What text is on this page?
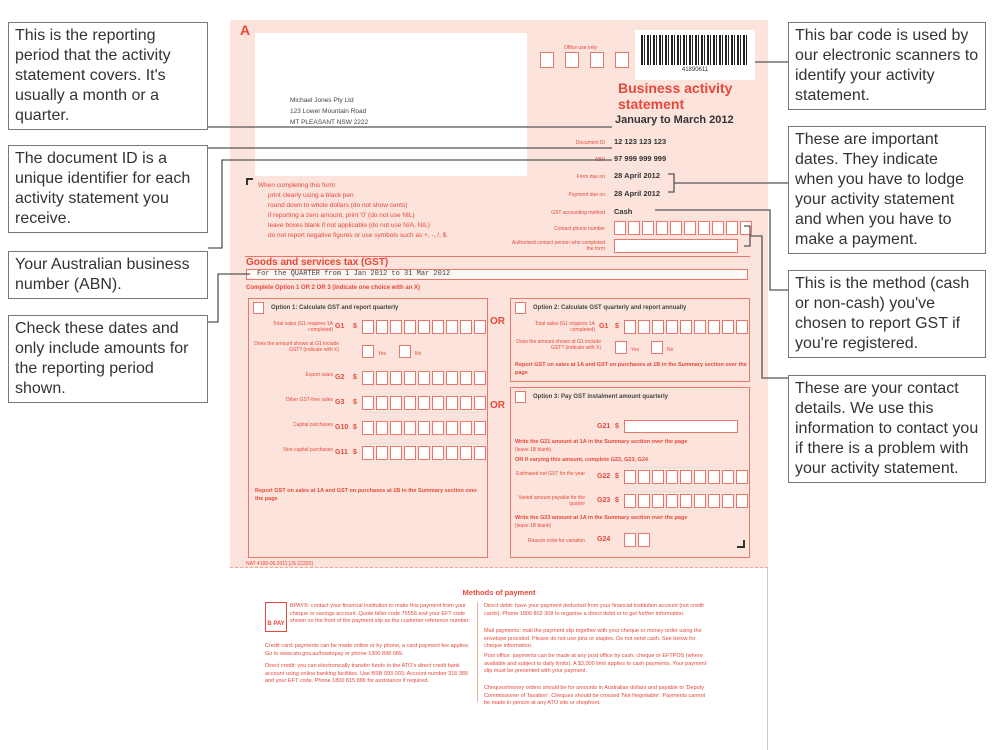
A
Michael Jones Pty Ltd
123 Lower Mountain Road
MT PLEASANT NSW 2222
Office use only
41890611
Business activity statement
January to March 2012
Document ID 12 123 123 123
ABN 97 999 999 999
Form due on 28 April 2012
Payment due on 28 April 2012
GST accounting method Cash
Contact phone number
Authorised contact person who completed the form
When completing this form:
print clearly using a black pen
round down to whole dollars (do not show cents)
if reporting a zero amount, print '0' (do not use NIL)
leave boxes blank if not applicable (do not use N/A, NIL)
do not report negative figures or use symbols such as +, -, /, $.
Goods and services tax (GST)
For the QUARTER from 1 Jan 2012 to 31 Mar 2012
Complete Option 1 OR 2 OR 3 (indicate one choice with an X)
Option 1: Calculate GST and report quarterly
Total sales (G1 requires 1A completed) G1 $
Export sales G2 $
Other GST-free sales G3 $
Capital purchases G10 $
Non-capital purchases G11 $
Does the amount shown at G1 include GST? (indicate with X)
Yes	No
Report GST on sales at 1A and GST on purchases at 1B in the Summary section over the page
OR
OR
Option 2: Calculate GST quarterly and report annually
Total sales (G1 requires 1A completed) G1 $
Does the amount shown at G1 include GST? (indicate with X)	Yes	No
Report GST on sales at 1A and GST on purchases at 1B in the Summary section over the page
Option 3: Pay GST instalment amount quarterly
G21 $
Write the G21 amount at 1A in the Summary section over the page
(leave 1B blank)
OR if varying this amount, complete G22, G23, G24
Estimated net GST for the year G22 $
Varied amount payable for the quarter G23 $
Write the G23 amount at 1A in the Summary section over the page
(leave 1B blank)
Reason code for variation G24
NAT 4189-06.2011 [JS 22333]
Methods of payment
B PAY
BPAY®: contact your financial institution to make this payment from your cheque or savings account. Quote biller code 75556 and your EFT code shown on the front of the payment slip as the customer reference number.
Credit card: payments can be made online or by phone, a card payment fee applies. Go to www.ato.gov.au/howtopay or phone 1300 898 089.
Direct credit: you can electronically transfer funds to the ATO's direct credit bank account using online banking facilities. Use BSB 093 003, Account number 316 385 and your EFT code. Phone 1800 815 886 for assistance if required.
Direct debit: have your payment deducted from your financial institution account (not credit cards). Phone 1800 802 308 to organise a direct debit or to get further information.
Mail payments: mail the payment slip together with your cheque or money order using the envelope provided. Please do not use pins or staples. Do not send cash. See below for cheque information.
Post office: payments can be made at any post office by cash, cheque or EFTPOS (where available and subject to daily limits). A $3,000 limit applies to cash payments. Your payment slip must be presented with your payment.
Cheques/money orders should be for amounts in Australian dollars and payable to 'Deputy Commissioner of Taxation'. Cheques should be crossed 'Not Negotiable'. Payments cannot be made in person at any ATO site or shopfront.
This is the reporting period that the activity statement covers. It's usually a month or a quarter.
The document ID is a unique identifier for each activity statement you receive.
Your Australian business number (ABN).
Check these dates and only include amounts for the reporting period shown.
This bar code is used by our electronic scanners to identify your activity statement.
These are important dates. They indicate when you have to lodge your activity statement and when you have to make a payment.
This is the method (cash or non-cash) you've chosen to report GST if you're registered.
These are your contact details. We use this information to contact you if there is a problem with your activity statement.
